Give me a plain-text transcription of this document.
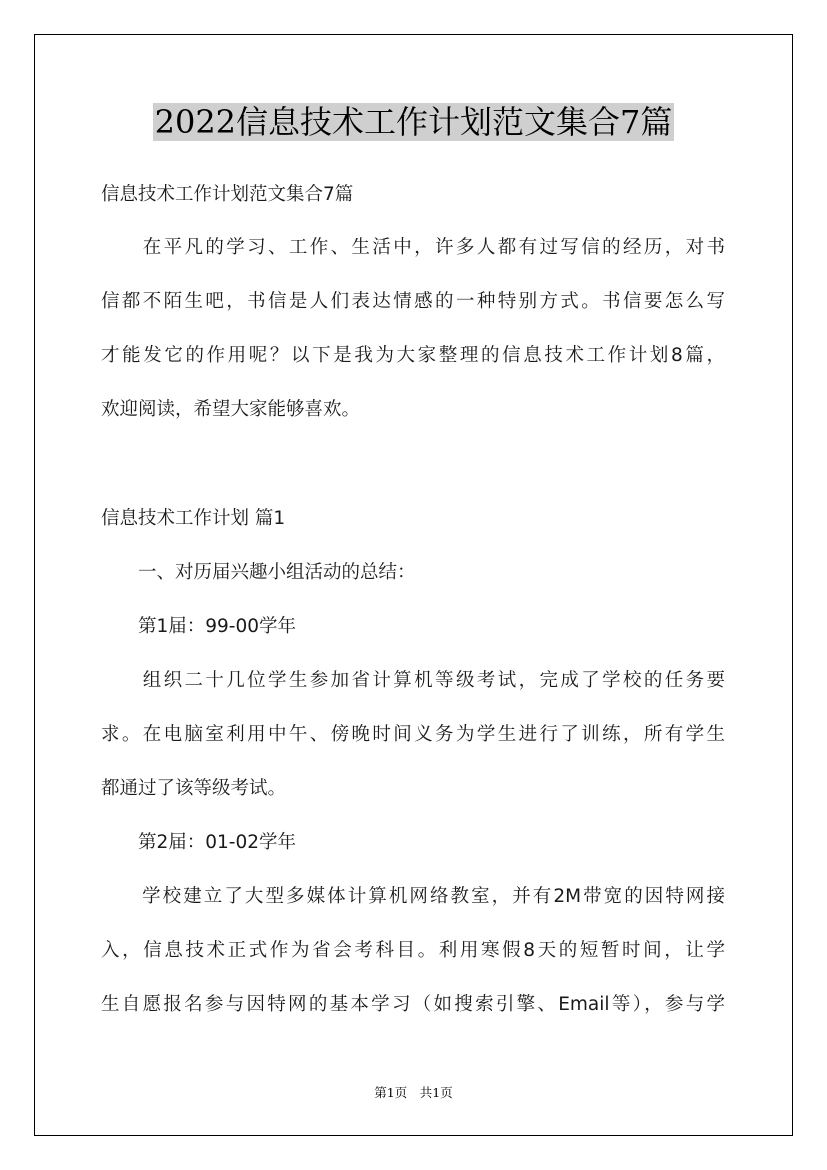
2022信息技术工作计划范文集合7篇
信息技术工作计划范文集合7篇
　　在平凡的学习、工作、生活中，许多人都有过写信的经历，对书
信都不陌生吧，书信是人们表达情感的一种特别方式。书信要怎么写
才能发它的作用呢？以下是我为大家整理的信息技术工作计划8篇，
欢迎阅读，希望大家能够喜欢。
信息技术工作计划 篇1
　　一、对历届兴趣小组活动的总结：
　　第1届：99-00学年
　　组织二十几位学生参加省计算机等级考试，完成了学校的任务要
求。在电脑室利用中午、傍晚时间义务为学生进行了训练，所有学生
都通过了该等级考试。
　　第2届：01-02学年
　　学校建立了大型多媒体计算机网络教室，并有2M带宽的因特网接
入，信息技术正式作为省会考科目。利用寒假8天的短暂时间，让学
生自愿报名参与因特网的基本学习（如搜索引擎、Email等），参与学
第1页　共1页
